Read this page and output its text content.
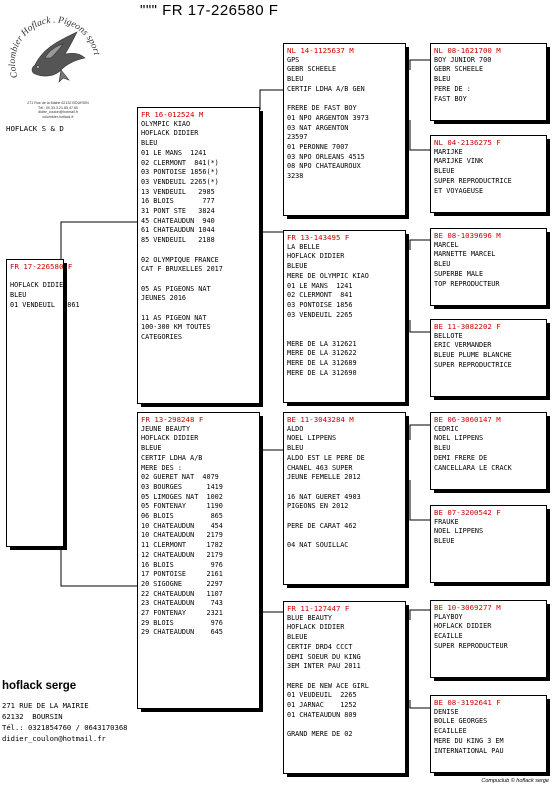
""" FR 17-226580 F
Colombier Hoflack . Pigeons sport
271 Rue de la Mairie 62132 BOURSIN
Tél.: 00.33.3.21.85.47.60
didier_coulon@hotmail.fr
colombier-hoflack.fr
HOFLACK S & D
FR 17-226580 F
HOFLACK DIDIER
BLEU
01 VENDEUIL  1861
FR 16-012524 M
OLYMPIC KIAO
HOFLACK DIDIER
BLEU
01 LE MANS  1241
02 CLERMONT  841(*)
03 PONTOISE 1856(*)
03 VENDEUIL 2265(*)
13 VENDEUIL   2985
16 BLOIS       777
31 PONT STE   3824
45 CHATEAUDUN  940
61 CHATEAUDUN 1044
85 VENDEUIL   2188
02 OLYMPIQUE FRANCE
CAT F BRUXELLES 2017
05 AS PIGEONS NAT
JEUNES 2016
11 AS PIGEON NAT
100-300 KM TOUTES
CATEGORIES
FR 13-298248 F
JEUNE BEAUTY
HOFLACK DIDIER
BLEUE
CERTIF LDHA A/B
MERE DES :
02 GUERET NAT  4079
03 BOURGES      1419
05 LIMOGES NAT  1002
05 FONTENAY     1190
06 BLOIS         865
10 CHATEAUDUN    454
10 CHATEAUDUN   2179
11 CLERMONT     1782
12 CHATEAUDUN   2179
16 BLOIS         976
17 PONTOISE     2161
20 SIGOGNE      2297
22 CHATEAUDUN   1107
23 CHATEAUDUN    743
27 FONTENAY     2321
29 BLOIS         976
29 CHATEAUDUN    645
NL 14-1125637 M
GPS
GEBR SCHEELE
BLEU
CERTIF LDHA A/B GEN
FRERE DE FAST BOY
01 NPO ARGENTON 3973
03 NAT ARGENTON
23597
01 PERONNE 7007
03 NPO ORLEANS 4515
08 NPO CHATEAUROUX
3238
FR 13-143495 F
LA BELLE
HOFLACK DIDIER
BLEUE
MERE DE OLYMPIC KIAO
01 LE MANS  1241
02 CLERMONT  841
03 PONTOISE 1856
03 VENDEUIL 2265
MERE DE LA 312621
MERE DE LA 312622
MERE DE LA 312689
MERE DE LA 312690
BE 11-3043284 M
ALDO
NOEL LIPPENS
BLEU
ALDO EST LE PERE DE
CHANEL 463 SUPER
JEUNE FEMELLE 2012
16 NAT GUERET 4903
PIGEONS EN 2012
PERE DE CARAT 462
04 NAT SOUILLAC
FR 11-127447 F
BLUE BEAUTY
HOFLACK DIDIER
BLEUE
CERTIF DRD4 CCCT
DEMI SOEUR DU KING
3EM INTER PAU 2011
MERE DE NEW ACE GIRL
01 VEUDEUIL  2265
01 JARNAC    1252
01 CHATEAUDUN 809
GRAND MERE DE 02
NL 08-1621700 M
BOY JUNIOR 700
GEBR SCHEELE
BLEU
PERE DE :
FAST BOY
NL 04-2136275 F
MARIJKE
MARIJKE VINK
BLEUE
SUPER REPRODUCTRICE
ET VOYAGEUSE
BE 08-1039696 M
MARCEL
MARNETTE MARCEL
BLEU
SUPERBE MALE
TOP REPRODUCTEUR
BE 11-3082202 F
BELLOTE
ERIC VERMANDER
BLEUE PLUME BLANCHE
SUPER REPRODUCTRICE
BE 06-3060147 M
CEDRIC
NOEL LIPPENS
BLEU
DEMI FRERE DE
CANCELLARA LE CRACK
BE 07-3200542 F
FRAUKE
NOEL LIPPENS
BLEUE
BE 10-3069277 M
PLAYBOY
HOFLACK DIDIER
ECAILLE
SUPER REPRODUCTEUR
BE 08-3192641 F
DENISE
BOLLE GEORGES
ECAILLEE
MERE DU KING 3 EM
INTERNATIONAL PAU
hoflack serge
271 RUE DE LA MAIRIE
62132  BOURSIN
Tél.: 0321854760 / 0643170368
didier_coulon@hotmail.fr
Compuclub © hoflack serge
